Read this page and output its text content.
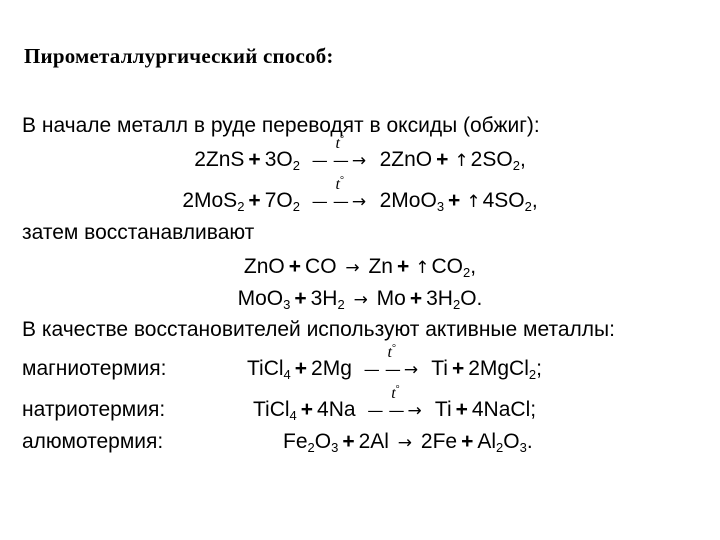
Пирометаллургический способ:
В начале металл в руде переводят в оксиды (обжиг):
$2ZnS + 3O_2$
t°
— — → $2ZnO + ↑2SO_2$,
$2MoS_2 + 7O_2$
t°
— — → $2MoO_3 + ↑4SO_2$,
затем восстанавливают
ZnO + CO → $Zn + ↑CO_2$,
$MoO_3 + 3H_2 \to Mo + 3H_2O$.
В качестве восстановителей используют активные металлы:
магниотермия:	TiCl$_4$ + 2Mg
t°
— — → Ti + 2MgCl$_2$;
натриотермия:	TiCl$_4$ + 4Na
t°
— — → Ti + 4NaCl;
алюмотермия:	$Fe_2O_3 + 2Al \to 2Fe + Al_2O_3$.
